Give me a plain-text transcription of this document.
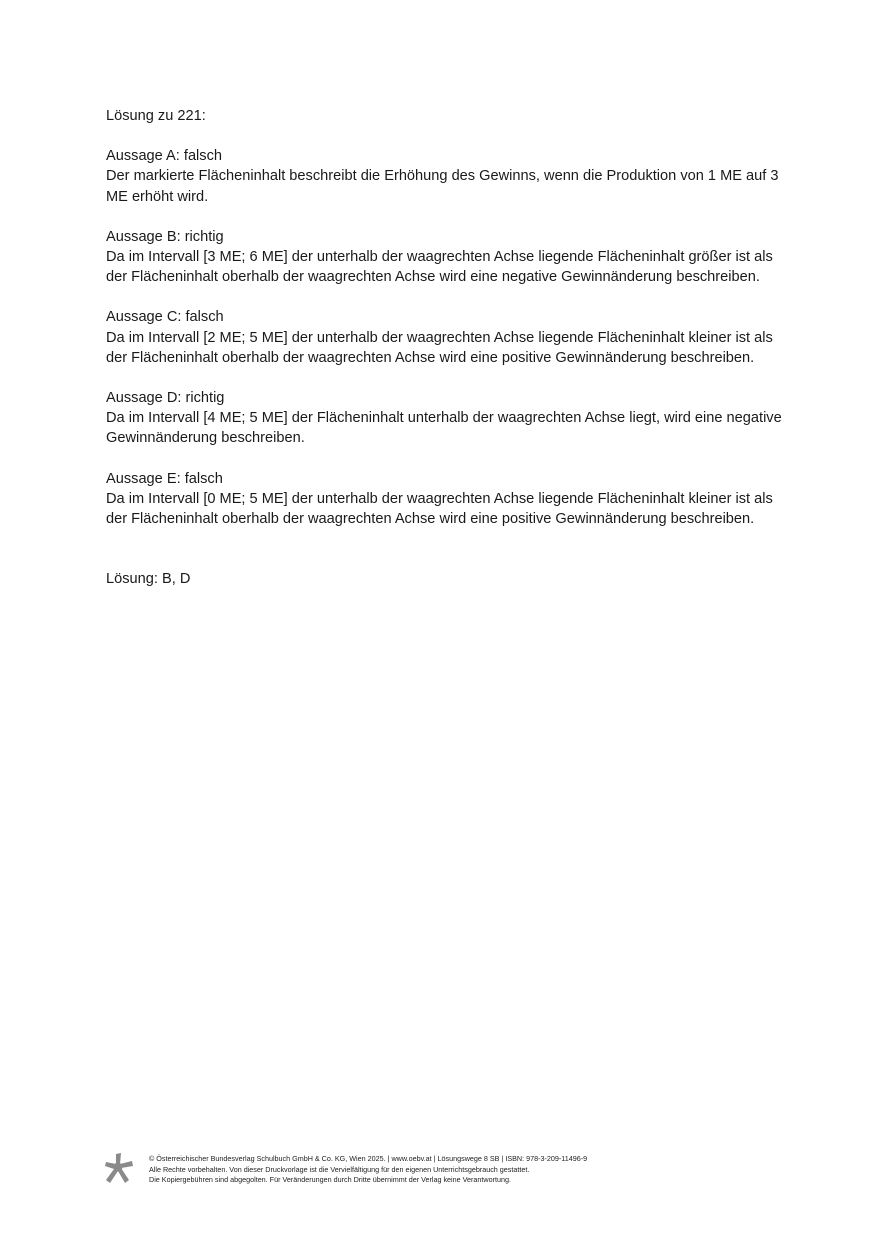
Lösung zu 221:

Aussage A: falsch

Der markierte Flächeninhalt beschreibt die Erhöhung des Gewinns, wenn die Produktion von 1 ME auf 3 ME erhöht wird.

Aussage B: richtig

Da im Intervall [3 ME; 6 ME] der unterhalb der waagrechten Achse liegende Flächeninhalt größer ist als der Flächeninhalt oberhalb der waagrechten Achse wird eine negative Gewinnänderung beschreiben.

Aussage C: falsch

Da im Intervall [2 ME; 5 ME] der unterhalb der waagrechten Achse liegende Flächeninhalt kleiner ist als der Flächeninhalt oberhalb der waagrechten Achse wird eine positive Gewinnänderung beschreiben.

Aussage D: richtig

Da im Intervall [4 ME; 5 ME] der Flächeninhalt unterhalb der waagrechten Achse liegt, wird eine negative Gewinnänderung beschreiben.

Aussage E: falsch

Da im Intervall [0 ME; 5 ME] der unterhalb der waagrechten Achse liegende Flächeninhalt kleiner ist als der Flächeninhalt oberhalb der waagrechten Achse wird eine positive Gewinnänderung beschreiben.

Lösung: B, D

© Österreichischer Bundesverlag Schulbuch GmbH & Co. KG, Wien 2025. | www.oebv.at | Lösungswege 8 SB | ISBN: 978-3-209-11496-9
Alle Rechte vorbehalten. Von dieser Druckvorlage ist die Vervielfältigung für den eigenen Unterrichtsgebrauch gestattet.
Die Kopiergebühren sind abgegolten. Für Veränderungen durch Dritte übernimmt der Verlag keine Verantwortung.
